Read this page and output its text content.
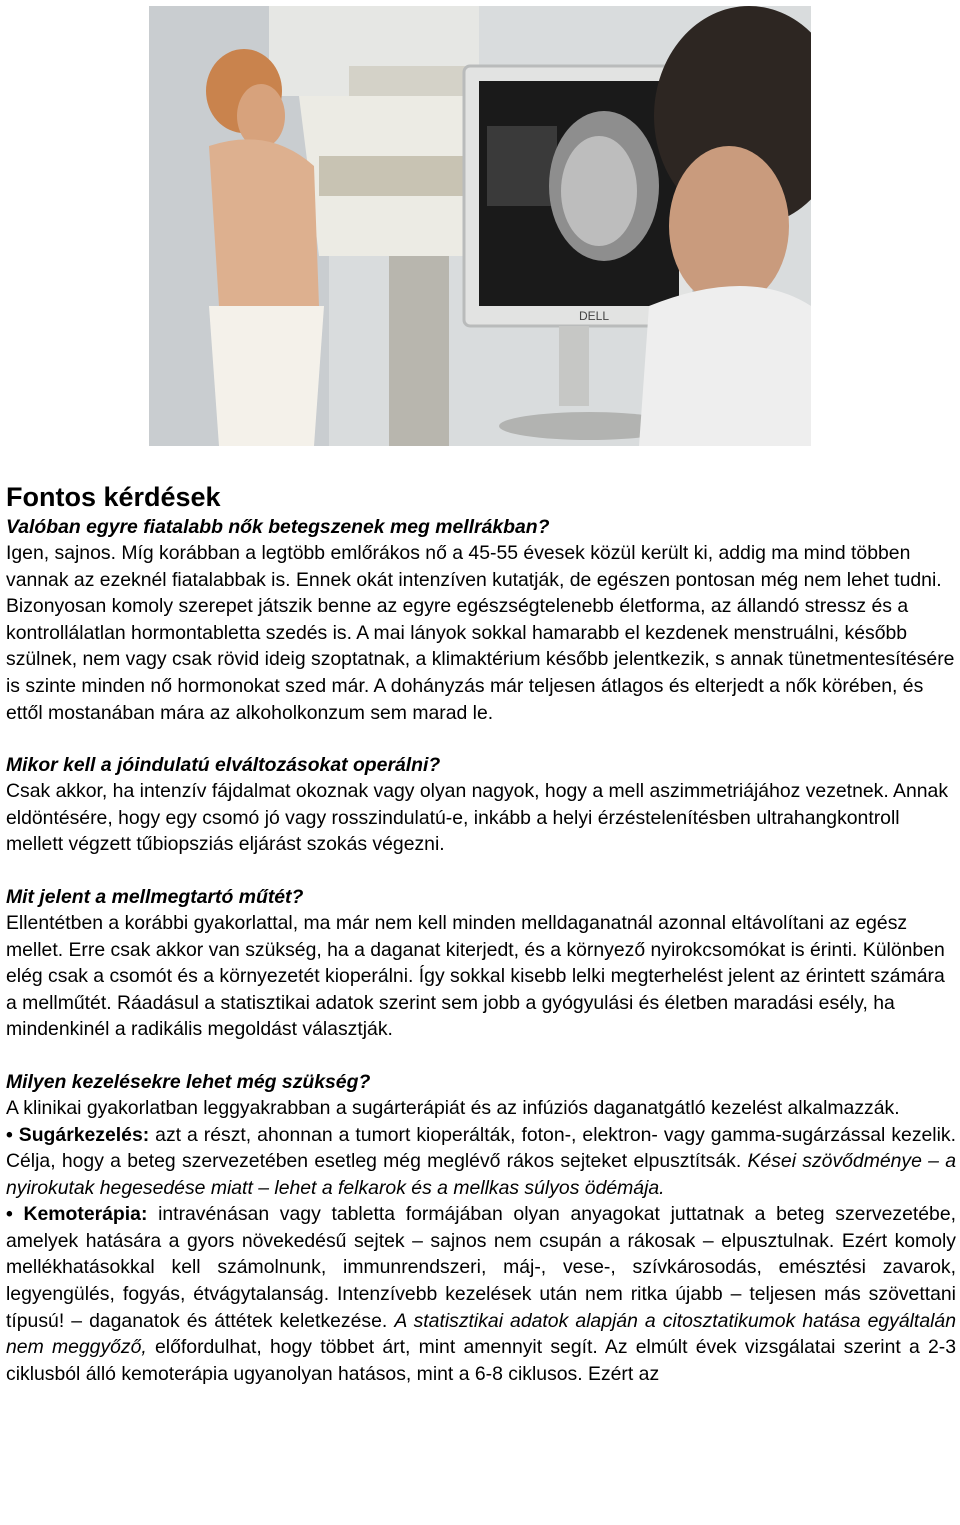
DELL
Fontos kérdések

Valóban egyre fiatalabb nők betegszenek meg mellrákban?

Igen, sajnos. Míg korábban a legtöbb emlőrákos nő a 45-55 évesek közül került ki, addig ma mind többen vannak az ezeknél fiatalabbak is. Ennek okát intenzíven kutatják, de egészen pontosan még nem lehet tudni. Bizonyosan komoly szerepet játszik benne az egyre egészségtelenebb életforma, az állandó stressz és a kontrollálatlan hormontabletta szedés is. A mai lányok sokkal hamarabb el kezdenek menstruálni, később szülnek, nem vagy csak rövid ideig szoptatnak, a klimaktérium később jelentkezik, s annak tünetmentesítésére is szinte minden nő hormonokat szed már. A dohányzás már teljesen átlagos és elterjedt a nők körében, és ettől mostanában mára az alkoholkonzum sem marad le.

Mikor kell a jóindulatú elváltozásokat operálni?

Csak akkor, ha intenzív fájdalmat okoznak vagy olyan nagyok, hogy a mell aszimmetriájához vezetnek. Annak eldöntésére, hogy egy csomó jó vagy rosszindulatú-e, inkább a helyi érzéstelenítésben ultrahangkontroll mellett végzett tűbiopsziás eljárást szokás végezni.

Mit jelent a mellmegtartó műtét?

Ellentétben a korábbi gyakorlattal, ma már nem kell minden melldaganatnál azonnal eltávolítani az egész mellet. Erre csak akkor van szükség, ha a daganat kiterjedt, és a környező nyirokcsomókat is érinti. Különben elég csak a csomót és a környezetét kioperálni. Így sokkal kisebb lelki megterhelést jelent az érintett számára a mellműtét. Ráadásul a statisztikai adatok szerint sem jobb a gyógyulási és életben maradási esély, ha mindenkinél a radikális megoldást választják.

Milyen kezelésekre lehet még szükség?

A klinikai gyakorlatban leggyakrabban a sugárterápiát és az infúziós daganatgátló kezelést alkalmazzák.

• Sugárkezelés: azt a részt, ahonnan a tumort kioperálták, foton-, elektron- vagy gamma-sugárzással kezelik. Célja, hogy a beteg szervezetében esetleg még meglévő rákos sejteket elpusztítsák. Kései szövődménye – a nyirokutak hegesedése miatt – lehet a felkarok és a mellkas súlyos ödémája.

• Kemoterápia: intravénásan vagy tabletta formájában olyan anyagokat juttatnak a beteg szervezetébe, amelyek hatására a gyors növekedésű sejtek – sajnos nem csupán a rákosak – elpusztulnak. Ezért komoly mellékhatásokkal kell számolnunk, immunrendszeri, máj-, vese-, szívkárosodás, emésztési zavarok, legyengülés, fogyás, étvágytalanság. Intenzívebb kezelések után nem ritka újabb – teljesen más szövettani típusú! – daganatok és áttétek keletkezése. A statisztikai adatok alapján a citosztatikumok hatása egyáltalán nem meggyőző, előfordulhat, hogy többet árt, mint amennyit segít. Az elmúlt évek vizsgálatai szerint a 2-3 ciklusból álló kemoterápia ugyanolyan hatásos, mint a 6-8 ciklusos. Ezért az
